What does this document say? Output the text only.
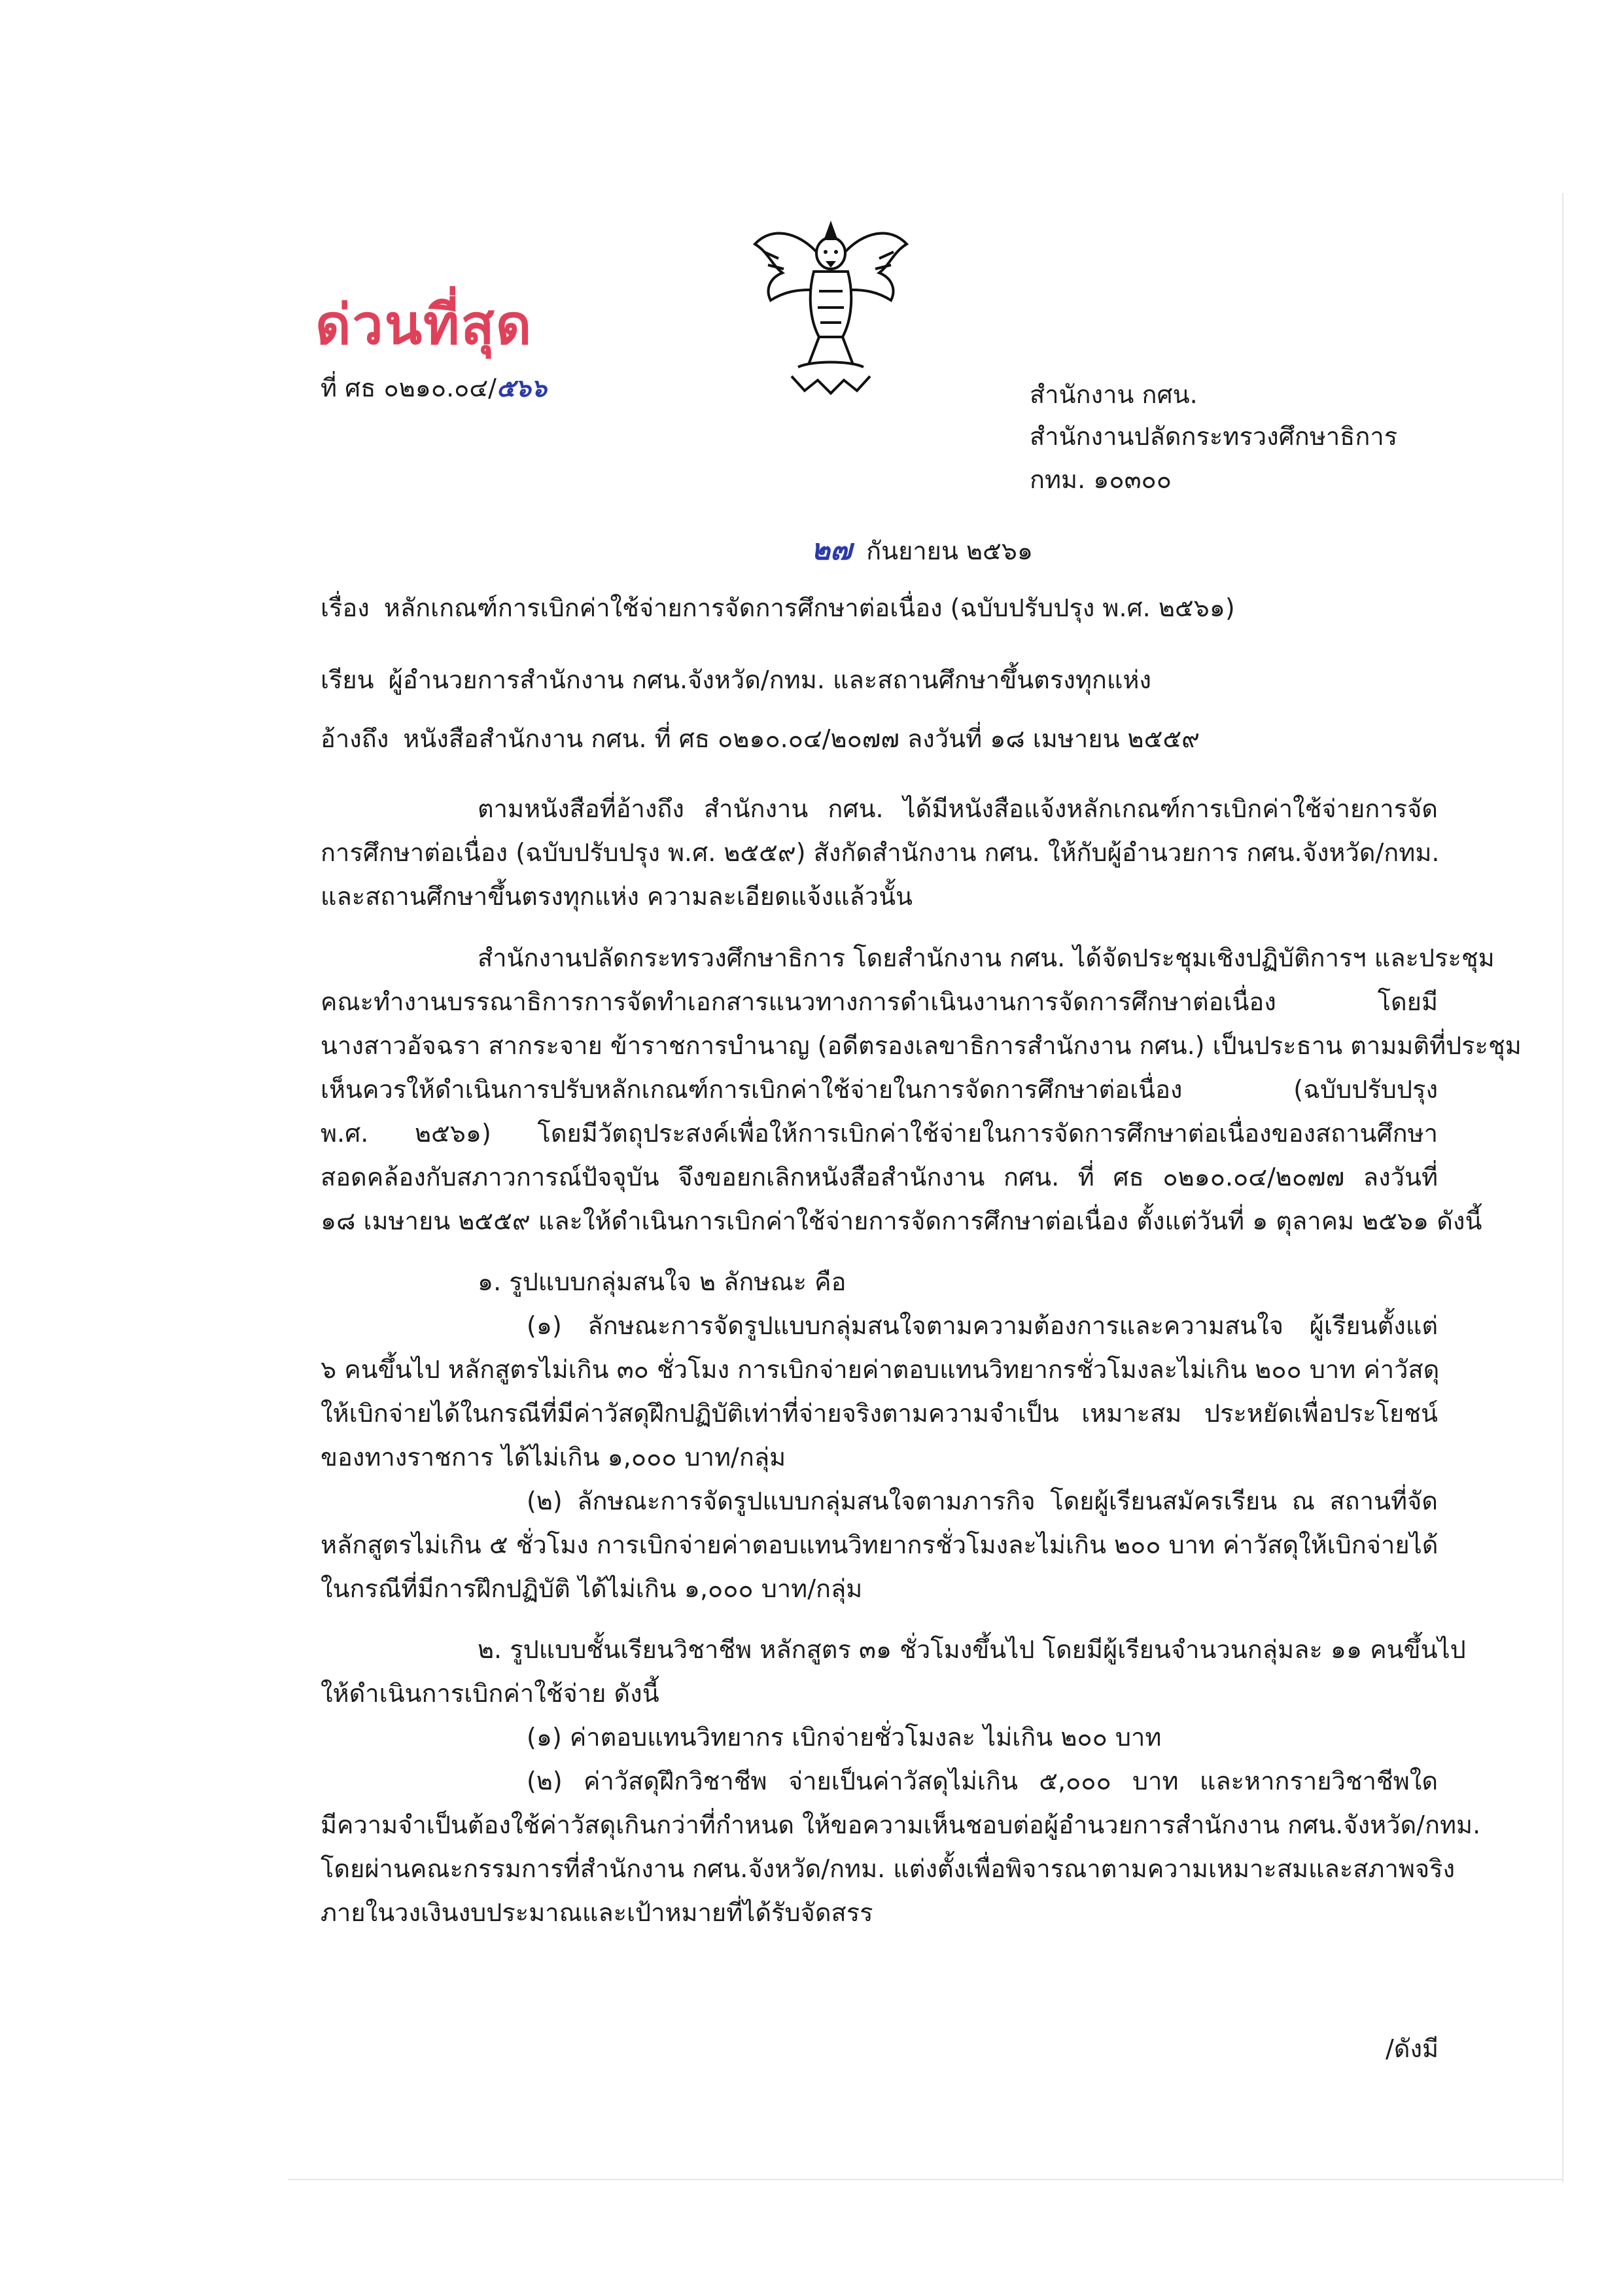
ด่วนที่สุด
ที่ ศธ ๐๒๑๐.๐๔/๕๖๖	สำนักงาน กศน.
สำนักงานปลัดกระทรวงศึกษาธิการ
กทม. ๑๐๓๐๐
๒๗ กันยายน ๒๕๖๑
เรื่อง หลักเกณฑ์การเบิกค่าใช้จ่ายการจัดการศึกษาต่อเนื่อง (ฉบับปรับปรุง พ.ศ. ๒๕๖๑)
เรียน ผู้อำนวยการสำนักงาน กศน.จังหวัด/กทม. และสถานศึกษาขึ้นตรงทุกแห่ง
อ้างถึง หนังสือสำนักงาน กศน. ที่ ศธ ๐๒๑๐.๐๔/๒๐๗๗ ลงวันที่ ๑๘ เมษายน ๒๕๕๙
ตามหนังสือที่อ้างถึง สำนักงาน กศน. ได้มีหนังสือแจ้งหลักเกณฑ์การเบิกค่าใช้จ่ายการจัด
การศึกษาต่อเนื่อง (ฉบับปรับปรุง พ.ศ. ๒๕๕๙) สังกัดสำนักงาน กศน. ให้กับผู้อำนวยการ กศน.จังหวัด/กทม.
และสถานศึกษาขึ้นตรงทุกแห่ง ความละเอียดแจ้งแล้วนั้น
สำนักงานปลัดกระทรวงศึกษาธิการ โดยสำนักงาน กศน. ได้จัดประชุมเชิงปฏิบัติการฯ และประชุม
คณะทำงานบรรณาธิการการจัดทำเอกสารแนวทางการดำเนินงานการจัดการศึกษาต่อเนื่อง โดยมี
นางสาวอัจฉรา สากระจาย ข้าราชการบำนาญ (อดีตรองเลขาธิการสำนักงาน กศน.) เป็นประธาน ตามมติที่ประชุม
เห็นควรให้ดำเนินการปรับหลักเกณฑ์การเบิกค่าใช้จ่ายในการจัดการศึกษาต่อเนื่อง (ฉบับปรับปรุง
พ.ศ. ๒๕๖๑) โดยมีวัตถุประสงค์เพื่อให้การเบิกค่าใช้จ่ายในการจัดการศึกษาต่อเนื่องของสถานศึกษา
สอดคล้องกับสภาวการณ์ปัจจุบัน จึงขอยกเลิกหนังสือสำนักงาน กศน. ที่ ศธ ๐๒๑๐.๐๔/๒๐๗๗ ลงวันที่
๑๘ เมษายน ๒๕๕๙ และให้ดำเนินการเบิกค่าใช้จ่ายการจัดการศึกษาต่อเนื่อง ตั้งแต่วันที่ ๑ ตุลาคม ๒๕๖๑ ดังนี้
๑. รูปแบบกลุ่มสนใจ ๒ ลักษณะ คือ
(๑) ลักษณะการจัดรูปแบบกลุ่มสนใจตามความต้องการและความสนใจ ผู้เรียนตั้งแต่
๖ คนขึ้นไป หลักสูตรไม่เกิน ๓๐ ชั่วโมง การเบิกจ่ายค่าตอบแทนวิทยากรชั่วโมงละไม่เกิน ๒๐๐ บาท ค่าวัสดุ
ให้เบิกจ่ายได้ในกรณีที่มีค่าวัสดุฝึกปฏิบัติเท่าที่จ่ายจริงตามความจำเป็น เหมาะสม ประหยัดเพื่อประโยชน์
ของทางราชการ ได้ไม่เกิน ๑,๐๐๐ บาท/กลุ่ม
(๒) ลักษณะการจัดรูปแบบกลุ่มสนใจตามภารกิจ โดยผู้เรียนสมัครเรียน ณ สถานที่จัด
หลักสูตรไม่เกิน ๕ ชั่วโมง การเบิกจ่ายค่าตอบแทนวิทยากรชั่วโมงละไม่เกิน ๒๐๐ บาท ค่าวัสดุให้เบิกจ่ายได้
ในกรณีที่มีการฝึกปฏิบัติ ได้ไม่เกิน ๑,๐๐๐ บาท/กลุ่ม
๒. รูปแบบชั้นเรียนวิชาชีพ หลักสูตร ๓๑ ชั่วโมงขึ้นไป โดยมีผู้เรียนจำนวนกลุ่มละ ๑๑ คนขึ้นไป
ให้ดำเนินการเบิกค่าใช้จ่าย ดังนี้
(๑) ค่าตอบแทนวิทยากร เบิกจ่ายชั่วโมงละ ไม่เกิน ๒๐๐ บาท
(๒) ค่าวัสดุฝึกวิชาชีพ จ่ายเป็นค่าวัสดุไม่เกิน ๕,๐๐๐ บาท และหากรายวิชาชีพใด
มีความจำเป็นต้องใช้ค่าวัสดุเกินกว่าที่กำหนด ให้ขอความเห็นชอบต่อผู้อำนวยการสำนักงาน กศน.จังหวัด/กทม.
โดยผ่านคณะกรรมการที่สำนักงาน กศน.จังหวัด/กทม. แต่งตั้งเพื่อพิจารณาตามความเหมาะสมและสภาพจริง
ภายในวงเงินงบประมาณและเป้าหมายที่ได้รับจัดสรร
/ดังมี
